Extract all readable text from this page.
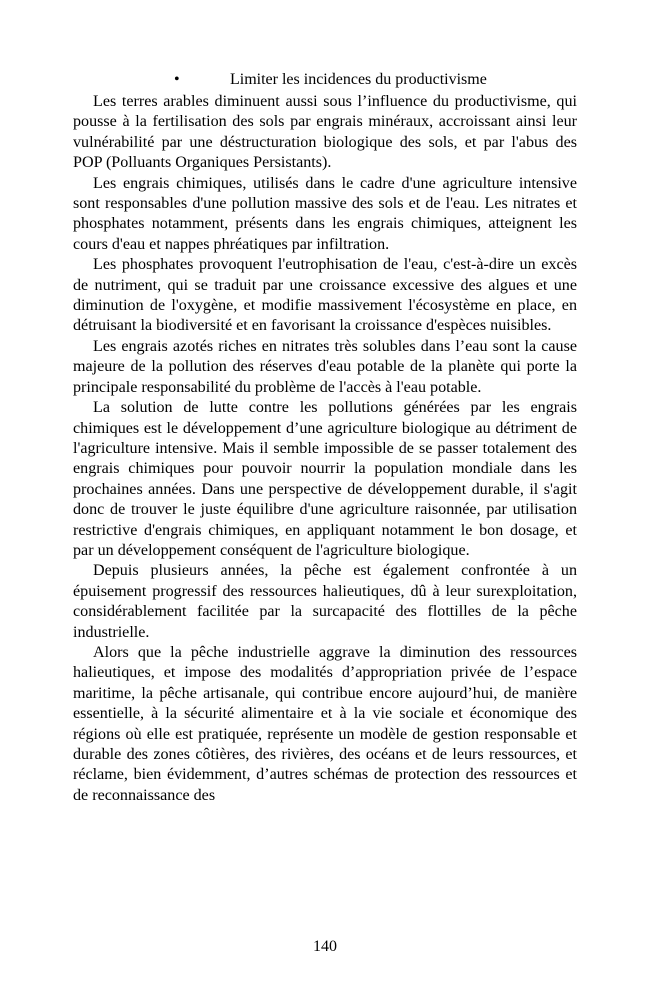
•	Limiter les incidences du productivisme

Les terres arables diminuent aussi sous l’influence du productivisme, qui pousse à la fertilisation des sols par engrais minéraux, accroissant ainsi leur vulnérabilité par une déstructuration biologique des sols, et par l'abus des POP (Polluants Organiques Persistants).

Les engrais chimiques, utilisés dans le cadre d'une agriculture intensive sont responsables d'une pollution massive des sols et de l'eau. Les nitrates et phosphates notamment, présents dans les engrais chimiques, atteignent les cours d'eau et nappes phréatiques par infiltration.

Les phosphates provoquent l'eutrophisation de l'eau, c'est-à-dire un excès de nutriment, qui se traduit par une croissance excessive des algues et une diminution de l'oxygène, et modifie massivement l'écosystème en place, en détruisant la biodiversité et en favorisant la croissance d'espèces nuisibles.

Les engrais azotés riches en nitrates très solubles dans l’eau sont la cause majeure de la pollution des réserves d'eau potable de la planète qui porte la principale responsabilité du problème de l'accès à l'eau potable.

La solution de lutte contre les pollutions générées par les engrais chimiques est le développement d’une agriculture biologique au détriment de l'agriculture intensive. Mais il semble impossible de se passer totalement des engrais chimiques pour pouvoir nourrir la population mondiale dans les prochaines années. Dans une perspective de développement durable, il s'agit donc de trouver le juste équilibre d'une agriculture raisonnée, par utilisation restrictive d'engrais chimiques, en appliquant notamment le bon dosage, et par un développement conséquent de l'agriculture biologique.

Depuis plusieurs années, la pêche est également confrontée à un épuisement progressif des ressources halieutiques, dû à leur surexploitation, considérablement facilitée par la surcapacité des flottilles de la pêche industrielle.

Alors que la pêche industrielle aggrave la diminution des ressources halieutiques, et impose des modalités d’appropriation privée de l’espace maritime, la pêche artisanale, qui contribue encore aujourd’hui, de manière essentielle, à la sécurité alimentaire et à la vie sociale et économique des régions où elle est pratiquée, représente un modèle de gestion responsable et durable des zones côtières, des rivières, des océans et de leurs ressources, et réclame, bien évidemment, d’autres schémas de protection des ressources et de reconnaissance des

140
